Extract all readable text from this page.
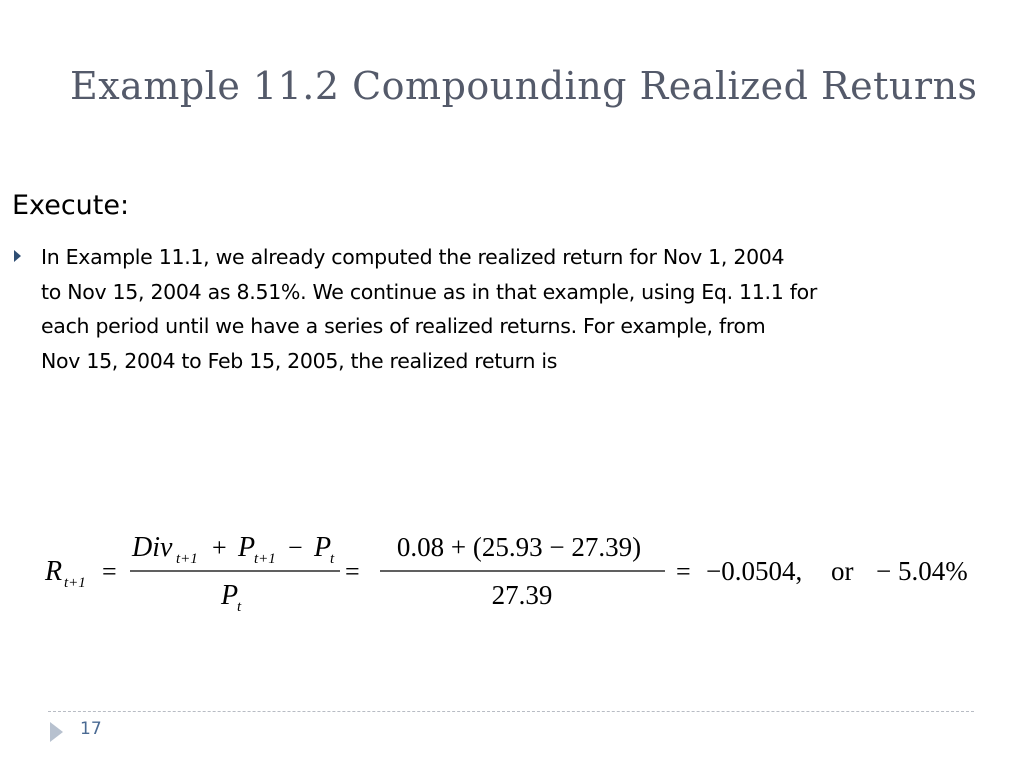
Example 11.2 Compounding Realized Returns
Execute:

In Example 11.1, we already computed the realized return for Nov 1, 2004
to Nov 15, 2004 as 8.51%. We continue as in that example, using Eq. 11.1 for
each period until we have a series of realized returns. For example, from
Nov 15, 2004 to Feb 15, 2005, the realized return is

R t+1 =
Div t+1 + P
t+1 − P
t
P
t
=
0.08 + (25.93 − 27.39)
27.39
= −0.0504, or − 5.04%
17
